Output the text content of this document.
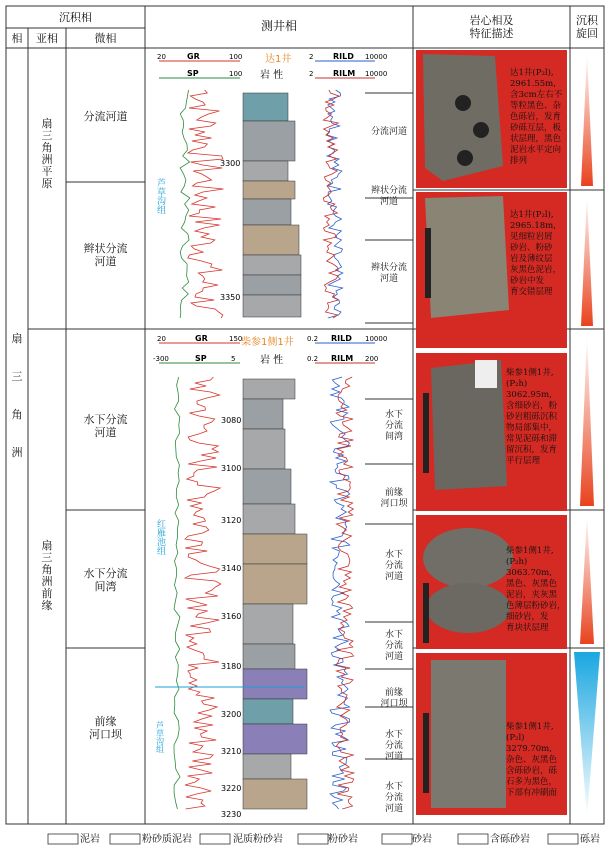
沉积相
相	亚相	微相
测井相	岩心相及
特征描述
沉积
旋回
扇
三
角
洲
扇
三
角
洲
平
原
扇
三
角
洲
前
缘
分流河道
辫状分流
河道
水下分流
河道
水下分流
间湾
前缘
河口坝
20	GR	100
SP	100
达1井
岩 性
2 RILD 10000
2 RILM 10000
3300
3350
芦草沟组
分流河道
辫状分流
河道
辫状分流
河道
20	GR	150
-300	SP	5
柴参1侧1井
岩 性
0.2 RILD 10000
0.2 RILM 200
3080
3100
3120
3140
3160
3180
3200
3210
3220
3230
红雁池组
芦草沟组
水下
分流
间湾
前缘
河口坝
水下
分流
河道
水下
分流
河道
前缘
河口坝
水下
分流
河道
水下
分流
河道
达1井(P₂l),
2961.55m,
含3cm左右不
等粒黑色、杂
色砾岩，发育
砂砾互层，板
状层理，黑色
泥岩水平定向
排列
达1井(P₂l),
2965.18m,
见细粒岩屑
砂岩、粉砂
岩及薄纹层
灰黑色泥岩，
砂岩中发
育交错层理
柴参1侧1井,
(P₂h)
3062.95m,
含细砂岩，粉
砂岩粗砾沉积
物局部集中，
常见泥砾和滞
留沉积，发育
平行层理
柴参1侧1井,
(P₂h)
3063.70m,
黑色、灰黑色
泥岩，夹灰黑
色薄层粉砂岩，
细砂岩，发
育块状层理
柴参1侧1井,
(P₂l)
3279.70m,
杂色、灰黑色
含砾砂岩，砾
石多为黑色，
下部有冲刷面
泥岩	粉砂质泥岩	泥质粉砂岩	粉砂岩	砂岩	含砾砂岩	砾岩
